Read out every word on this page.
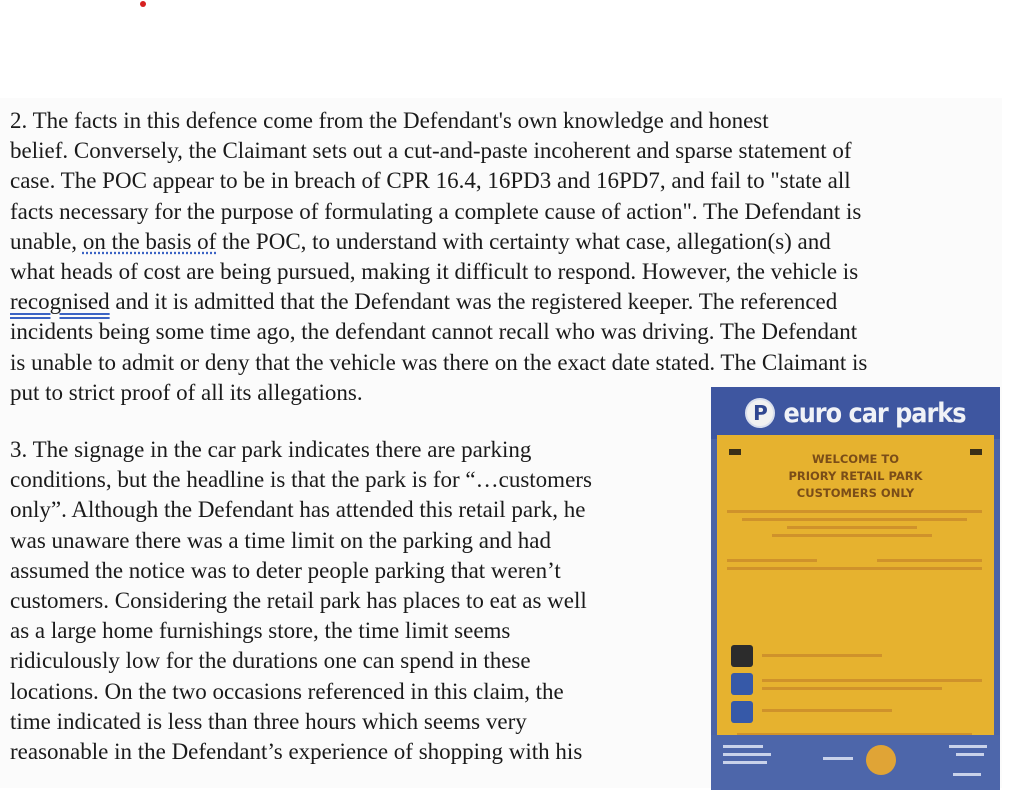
2. The facts in this defence come from the Defendant's own knowledge and honest
belief. Conversely, the Claimant sets out a cut-and-paste incoherent and sparse statement of
case. The POC appear to be in breach of CPR 16.4, 16PD3 and 16PD7, and fail to "state all
facts necessary for the purpose of formulating a complete cause of action". The Defendant is
unable, on the basis of the POC, to understand with certainty what case, allegation(s) and
what heads of cost are being pursued, making it difficult to respond. However, the vehicle is
recognised and it is admitted that the Defendant was the registered keeper. The referenced
incidents being some time ago, the defendant cannot recall who was driving. The Defendant
is unable to admit or deny that the vehicle was there on the exact date stated. The Claimant is
put to strict proof of all its allegations.
3. The signage in the car park indicates there are parking
conditions, but the headline is that the park is for “…customers
only”. Although the Defendant has attended this retail park, he
was unaware there was a time limit on the parking and had
assumed the notice was to deter people parking that weren’t
customers. Considering the retail park has places to eat as well
as a large home furnishings store, the time limit seems
ridiculously low for the durations one can spend in these
locations. On the two occasions referenced in this claim, the
time indicated is less than three hours which seems very
reasonable in the Defendant’s experience of shopping with his
P euro car parks
WELCOME TO
PRIORY RETAIL PARK
CUSTOMERS ONLY
